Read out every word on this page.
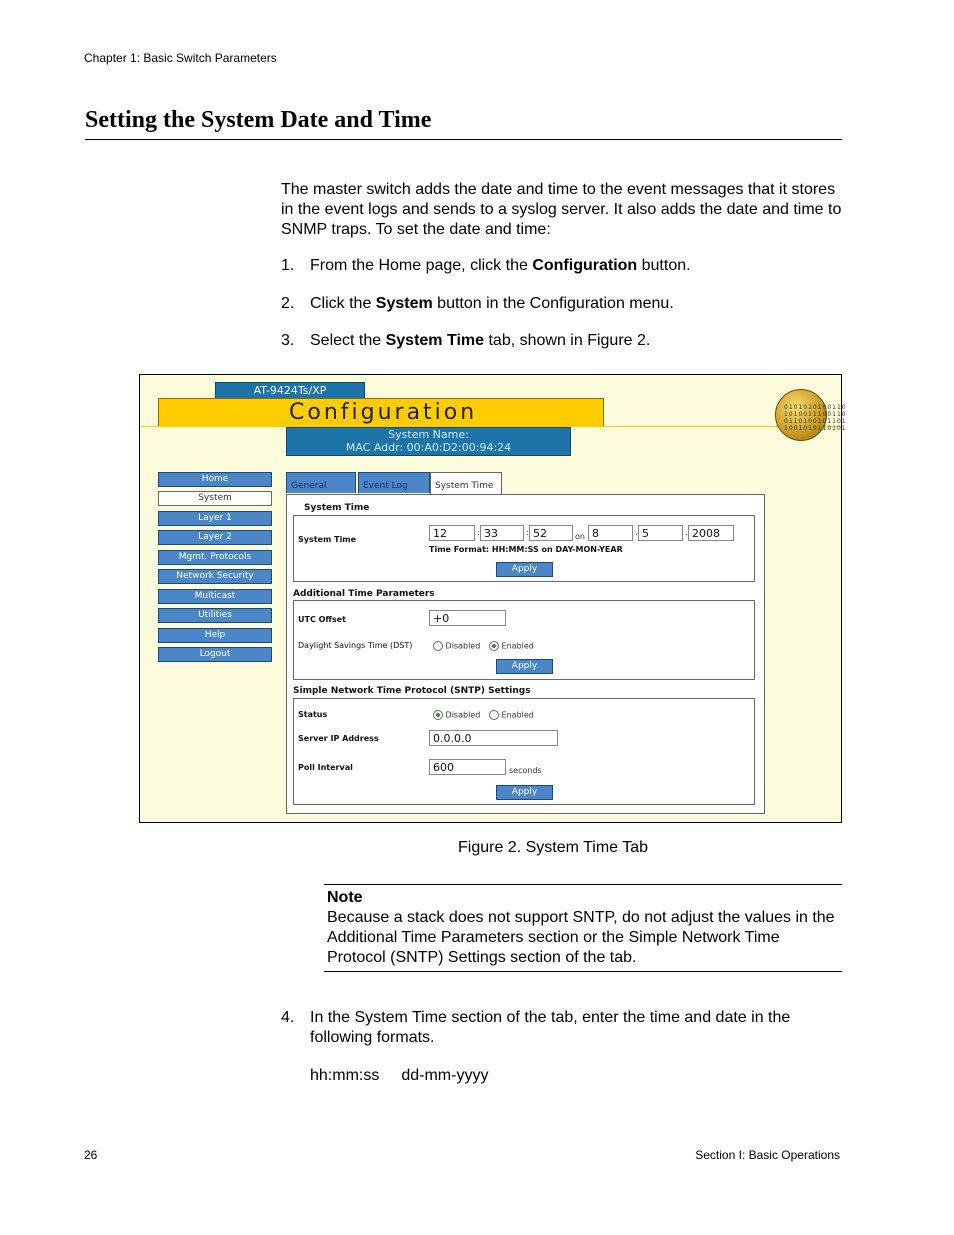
Chapter 1: Basic Switch Parameters
Setting the System Date and Time

The master switch adds the date and time to the event messages that it stores in the event logs and sends to a syslog server. It also adds the date and time to SNMP traps. To set the date and time:

1. From the Home page, click the Configuration button.
2. Click the System button in the Configuration menu.
3. Select the System Time tab, shown in Figure 2.
AT-9424Ts/XP
Configuration
System Name:
MAC Addr: 00:A0:D2:00:94:24
0101010100110 1010011100110 0110100101101 1001010110101
Home
System
Layer 1
Layer 2
Mgmt. Protocols
Network Security
Multicast
Utilities
Help
Logout
General	Event Log	System Time
System Time
System Time	12	: 33	: 52	on 8	. 5	. 2008
Time Format: HH:MM:SS on DAY-MON-YEAR
Apply
Additional Time Parameters
UTC Offset	+0
Daylight Savings Time (DST)	Disabled	Enabled
Apply
Simple Network Time Protocol (SNTP) Settings
Status	Disabled	Enabled
Server IP Address	0.0.0.0
Poll Interval	600	seconds
Apply
Figure 2. System Time Tab
Note
Because a stack does not support SNTP, do not adjust the values in the Additional Time Parameters section or the Simple Network Time Protocol (SNTP) Settings section of the tab.
4. In the System Time section of the tab, enter the time and date in the following formats.
hh:mm:ss dd-mm-yyyy
26	Section I: Basic Operations
